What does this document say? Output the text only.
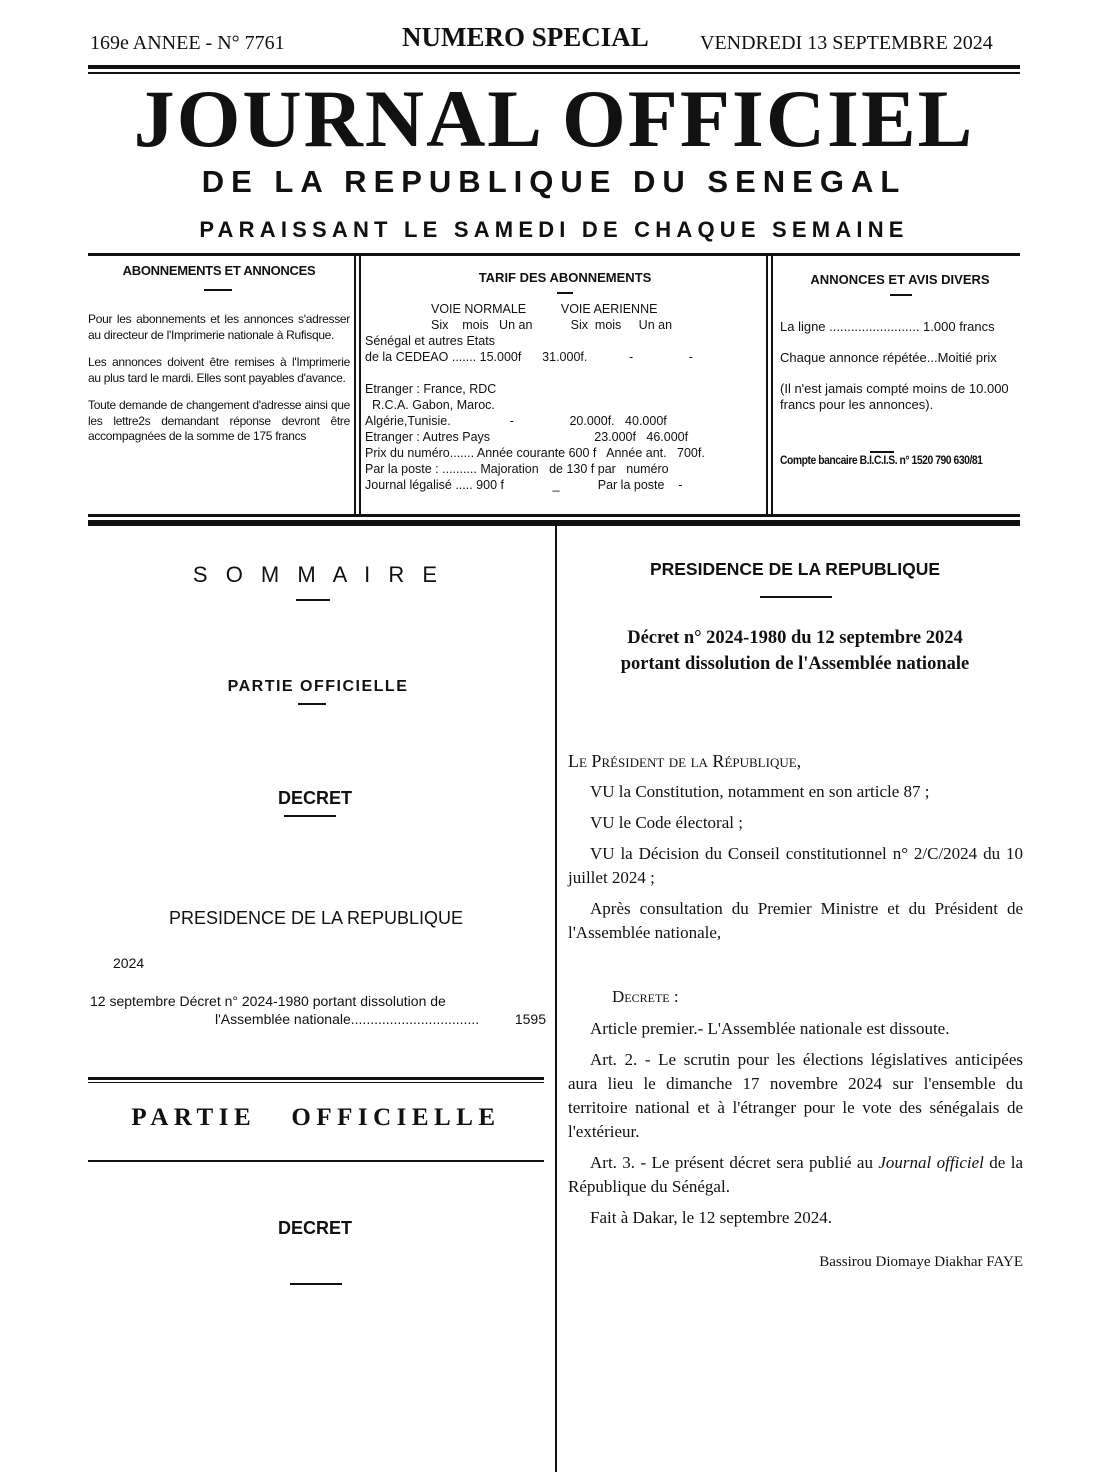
169e ANNEE - N° 7761	NUMERO SPECIAL	VENDREDI 13 SEPTEMBRE 2024
JOURNAL OFFICIEL
DE LA REPUBLIQUE DU SENEGAL
PARAISSANT LE SAMEDI DE CHAQUE SEMAINE
ABONNEMENTS ET ANNONCES

Pour les abonnements et les annonces s'adresser au directeur de l'Imprimerie nationale à Rufisque.

Les annonces doivent être remises à l'Imprimerie au plus tard le mardi. Elles sont payables d'avance.

Toute demande de changement d'adresse ainsi que les lettre2s demandant réponse devront être accompagnées de la somme de 175 francs

TARIF DES ABONNEMENTS
VOIE NORMALE          VOIE AERIENNE
Six    mois   Un an           Six  mois     Un an
Sénégal et autres Etats
de la CEDEAO ....... 15.000f      31.000f.            -                -
Etranger : France, RDC
R.C.A. Gabon, Maroc.
Algérie,Tunisie.                 -                20.000f.   40.000f
Etranger : Autres Pays                              23.000f   46.000f
Prix du numéro....... Année courante 600 f   Année ant.   700f.
Par la poste : .......... Majoration   de 130 f par   numéro
Journal légalisé ..... 900 f              _           Par la poste    -
ANNONCES ET AVIS DIVERS
La ligne ......................... 1.000 francs
Chaque annonce répétée...Moitié prix
(Il n'est jamais compté moins de 10.000 francs pour les annonces).
Compte bancaire B.I.C.I.S. n° 1520 790 630/81
S O M M A I R E
PARTIE OFFICIELLE
DECRET
PRESIDENCE DE LA REPUBLIQUE
2024
12 septembre Décret n° 2024-1980 portant dissolution de
l'Assemblée nationale.................................	1595
PARTIE   OFFICIELLE
DECRET
PRESIDENCE DE LA REPUBLIQUE
Décret n° 2024-1980 du 12 septembre 2024
portant dissolution de l'Assemblée nationale

Le Président de la République,

VU la Constitution, notamment en son article 87 ;

VU le Code électoral ;

VU la Décision du Conseil constitutionnel n° 2/C/2024 du 10 juillet 2024 ;

Après consultation du Premier Ministre et du Président de l'Assemblée nationale,

Decrete :

Article premier.- L'Assemblée nationale est dissoute.

Art. 2. - Le scrutin pour les élections législatives anticipées aura lieu le dimanche 17 novembre 2024 sur l'ensemble du territoire national et à l'étranger pour le vote des sénégalais de l'extérieur.

Art. 3. - Le présent décret sera publié au Journal officiel de la République du Sénégal.

Fait à Dakar, le 12 septembre 2024.

Bassirou Diomaye Diakhar FAYE
